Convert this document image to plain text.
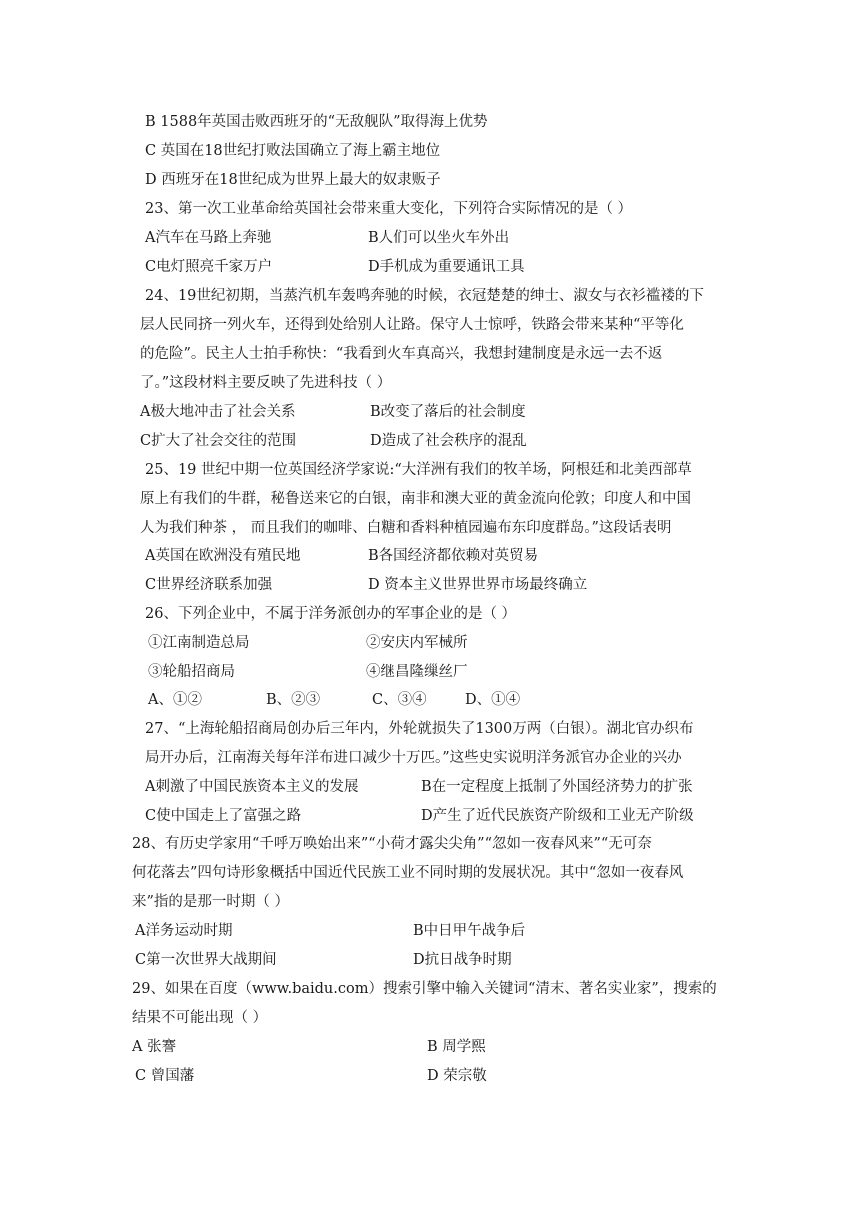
B 1588年英国击败西班牙的“无敌舰队”取得海上优势
C 英国在18世纪打败法国确立了海上霸主地位
D 西班牙在18世纪成为世界上最大的奴隶贩子
23、第一次工业革命给英国社会带来重大变化，下列符合实际情况的是（ ）
A汽车在马路上奔驰	B人们可以坐火车外出
C电灯照亮千家万户	D手机成为重要通讯工具
24、19世纪初期，当蒸汽机车轰鸣奔驰的时候，衣冠楚楚的绅士、淑女与衣衫褴褛的下
层人民同挤一列火车，还得到处给别人让路。保守人士惊呼，铁路会带来某种“平等化
的危险”。民主人士拍手称快：“我看到火车真高兴，我想封建制度是永远一去不返
了。”这段材料主要反映了先进科技（ ）
A极大地冲击了社会关系	B改变了落后的社会制度
C扩大了社会交往的范围	D造成了社会秩序的混乱
25、19 世纪中期一位英国经济学家说:“大洋洲有我们的牧羊场，阿根廷和北美西部草
原上有我们的牛群，秘鲁送来它的白银，南非和澳大亚的黄金流向伦敦；印度人和中国
人为我们种茶 ， 而且我们的咖啡、白糖和香料种植园遍布东印度群岛。”这段话表明
A英国在欧洲没有殖民地	B各国经济都依赖对英贸易
C世界经济联系加强	D 资本主义世界世界市场最终确立
26、下列企业中，不属于洋务派创办的军事企业的是（ ）
①江南制造总局	②安庆内军械所
③轮船招商局	④继昌隆缫丝厂
A、①②	B、②③	C、③④	D、①④
27、“上海轮船招商局创办后三年内，外轮就损失了1300万两（白银）。湖北官办织布
局开办后，江南海关每年洋布进口减少十万匹。”这些史实说明洋务派官办企业的兴办
A刺激了中国民族资本主义的发展	B在一定程度上抵制了外国经济势力的扩张
C使中国走上了富强之路	D产生了近代民族资产阶级和工业无产阶级
28、有历史学家用“千呼万唤始出来”“小荷才露尖尖角”“忽如一夜春风来”“无可奈
何花落去”四句诗形象概括中国近代民族工业不同时期的发展状况。其中“忽如一夜春风
来”指的是那一时期（ ）
A洋务运动时期	B中日甲午战争后
C第一次世界大战期间	D抗日战争时期
29、如果在百度（www.baidu.com）搜索引擎中输入关键词“清末、著名实业家”，搜索的
结果不可能出现（ ）
A 张謇	B 周学熙
C 曾国藩	D 荣宗敬
